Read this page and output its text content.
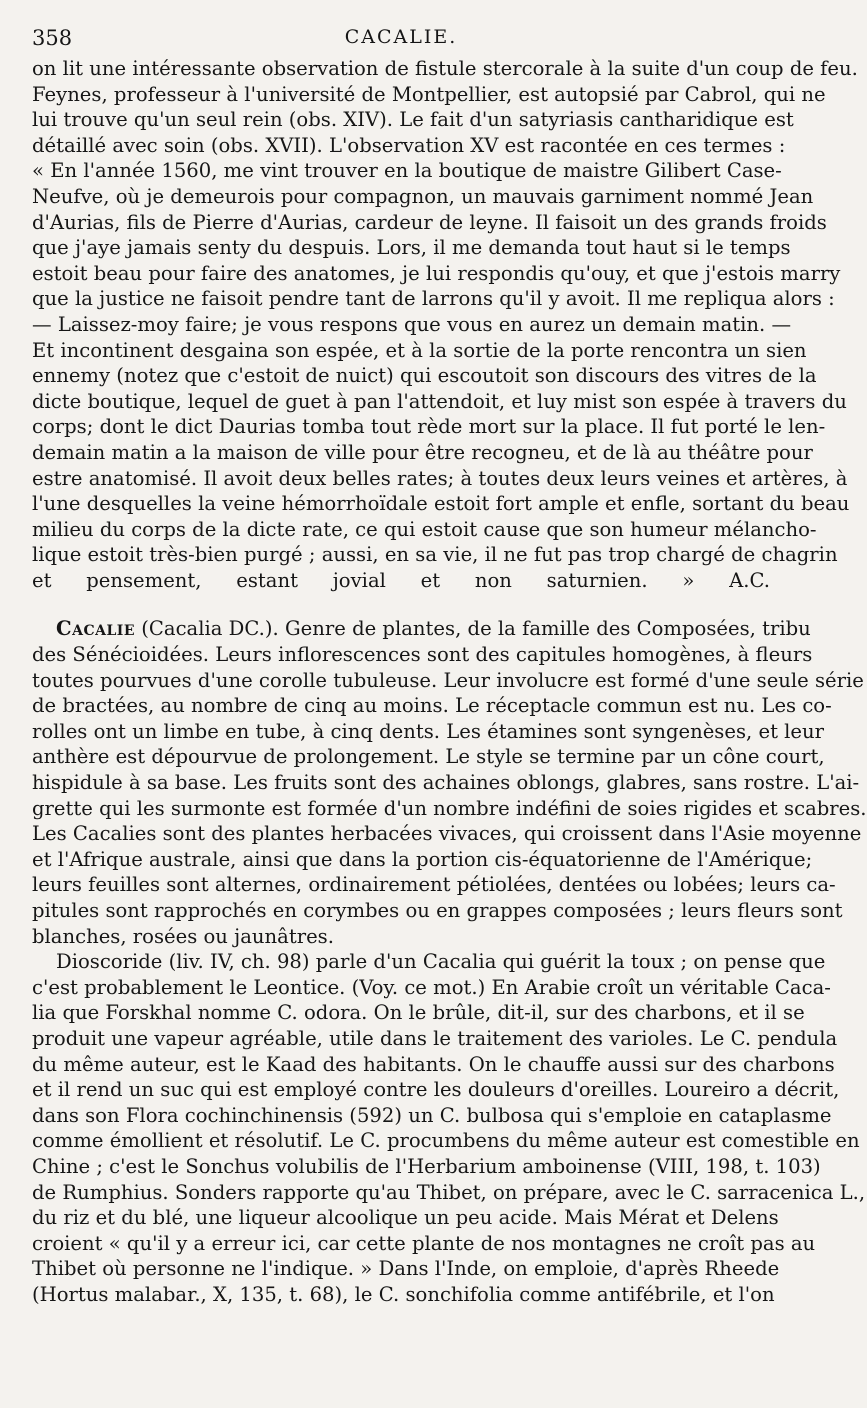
358	CACALIE.
on lit une intéressante observation de fistule stercorale à la suite d'un coup de feu.
Feynes, professeur à l'université de Montpellier, est autopsié par Cabrol, qui ne
lui trouve qu'un seul rein (obs. XIV). Le fait d'un satyriasis cantharidique est
détaillé avec soin (obs. XVII). L'observation XV est racontée en ces termes :
« En l'année 1560, me vint trouver en la boutique de maistre Gilibert Case-
Neufve, où je demeurois pour compagnon, un mauvais garniment nommé Jean
d'Aurias, fils de Pierre d'Aurias, cardeur de leyne. Il faisoit un des grands froids
que j'aye jamais senty du despuis. Lors, il me demanda tout haut si le temps
estoit beau pour faire des anatomes, je lui respondis qu'ouy, et que j'estois marry
que la justice ne faisoit pendre tant de larrons qu'il y avoit. Il me repliqua alors :
— Laissez-moy faire; je vous respons que vous en aurez un demain matin. —
Et incontinent desgaina son espée, et à la sortie de la porte rencontra un sien
ennemy (notez que c'estoit de nuict) qui escoutoit son discours des vitres de la
dicte boutique, lequel de guet à pan l'attendoit, et luy mist son espée à travers du
corps; dont le dict Daurias tomba tout rède mort sur la place. Il fut porté le len-
demain matin a la maison de ville pour être recogneu, et de là au théâtre pour
estre anatomisé. Il avoit deux belles rates; à toutes deux leurs veines et artères, à
l'une desquelles la veine hémorrhoïdale estoit fort ample et enfle, sortant du beau
milieu du corps de la dicte rate, ce qui estoit cause que son humeur mélancho-
lique estoit très-bien purgé ; aussi, en sa vie, il ne fut pas trop chargé de chagrin
et pensement, estant jovial et non saturnien. » A.C.
Cacalie (Cacalia DC.). Genre de plantes, de la famille des Composées, tribu
des Sénécioidées. Leurs inflorescences sont des capitules homogènes, à fleurs
toutes pourvues d'une corolle tubuleuse. Leur involucre est formé d'une seule série
de bractées, au nombre de cinq au moins. Le réceptacle commun est nu. Les co-
rolles ont un limbe en tube, à cinq dents. Les étamines sont syngenèses, et leur
anthère est dépourvue de prolongement. Le style se termine par un cône court,
hispidule à sa base. Les fruits sont des achaines oblongs, glabres, sans rostre. L'ai-
grette qui les surmonte est formée d'un nombre indéfini de soies rigides et scabres.
Les Cacalies sont des plantes herbacées vivaces, qui croissent dans l'Asie moyenne
et l'Afrique australe, ainsi que dans la portion cis-équatorienne de l'Amérique;
leurs feuilles sont alternes, ordinairement pétiolées, dentées ou lobées; leurs ca-
pitules sont rapprochés en corymbes ou en grappes composées ; leurs fleurs sont
blanches, rosées ou jaunâtres.
Dioscoride (liv. IV, ch. 98) parle d'un Cacalia qui guérit la toux ; on pense que
c'est probablement le Leontice. (Voy. ce mot.) En Arabie croît un véritable Caca-
lia que Forskhal nomme C. odora. On le brûle, dit-il, sur des charbons, et il se
produit une vapeur agréable, utile dans le traitement des varioles. Le C. pendula
du même auteur, est le Kaad des habitants. On le chauffe aussi sur des charbons
et il rend un suc qui est employé contre les douleurs d'oreilles. Loureiro a décrit,
dans son Flora cochinchinensis (592) un C. bulbosa qui s'emploie en cataplasme
comme émollient et résolutif. Le C. procumbens du même auteur est comestible en
Chine ; c'est le Sonchus volubilis de l'Herbarium amboinense (VIII, 198, t. 103)
de Rumphius. Sonders rapporte qu'au Thibet, on prépare, avec le C. sarracenica L.,
du riz et du blé, une liqueur alcoolique un peu acide. Mais Mérat et Delens
croient « qu'il y a erreur ici, car cette plante de nos montagnes ne croît pas au
Thibet où personne ne l'indique. » Dans l'Inde, on emploie, d'après Rheede
(Hortus malabar., X, 135, t. 68), le C. sonchifolia comme antifébrile, et l'on
